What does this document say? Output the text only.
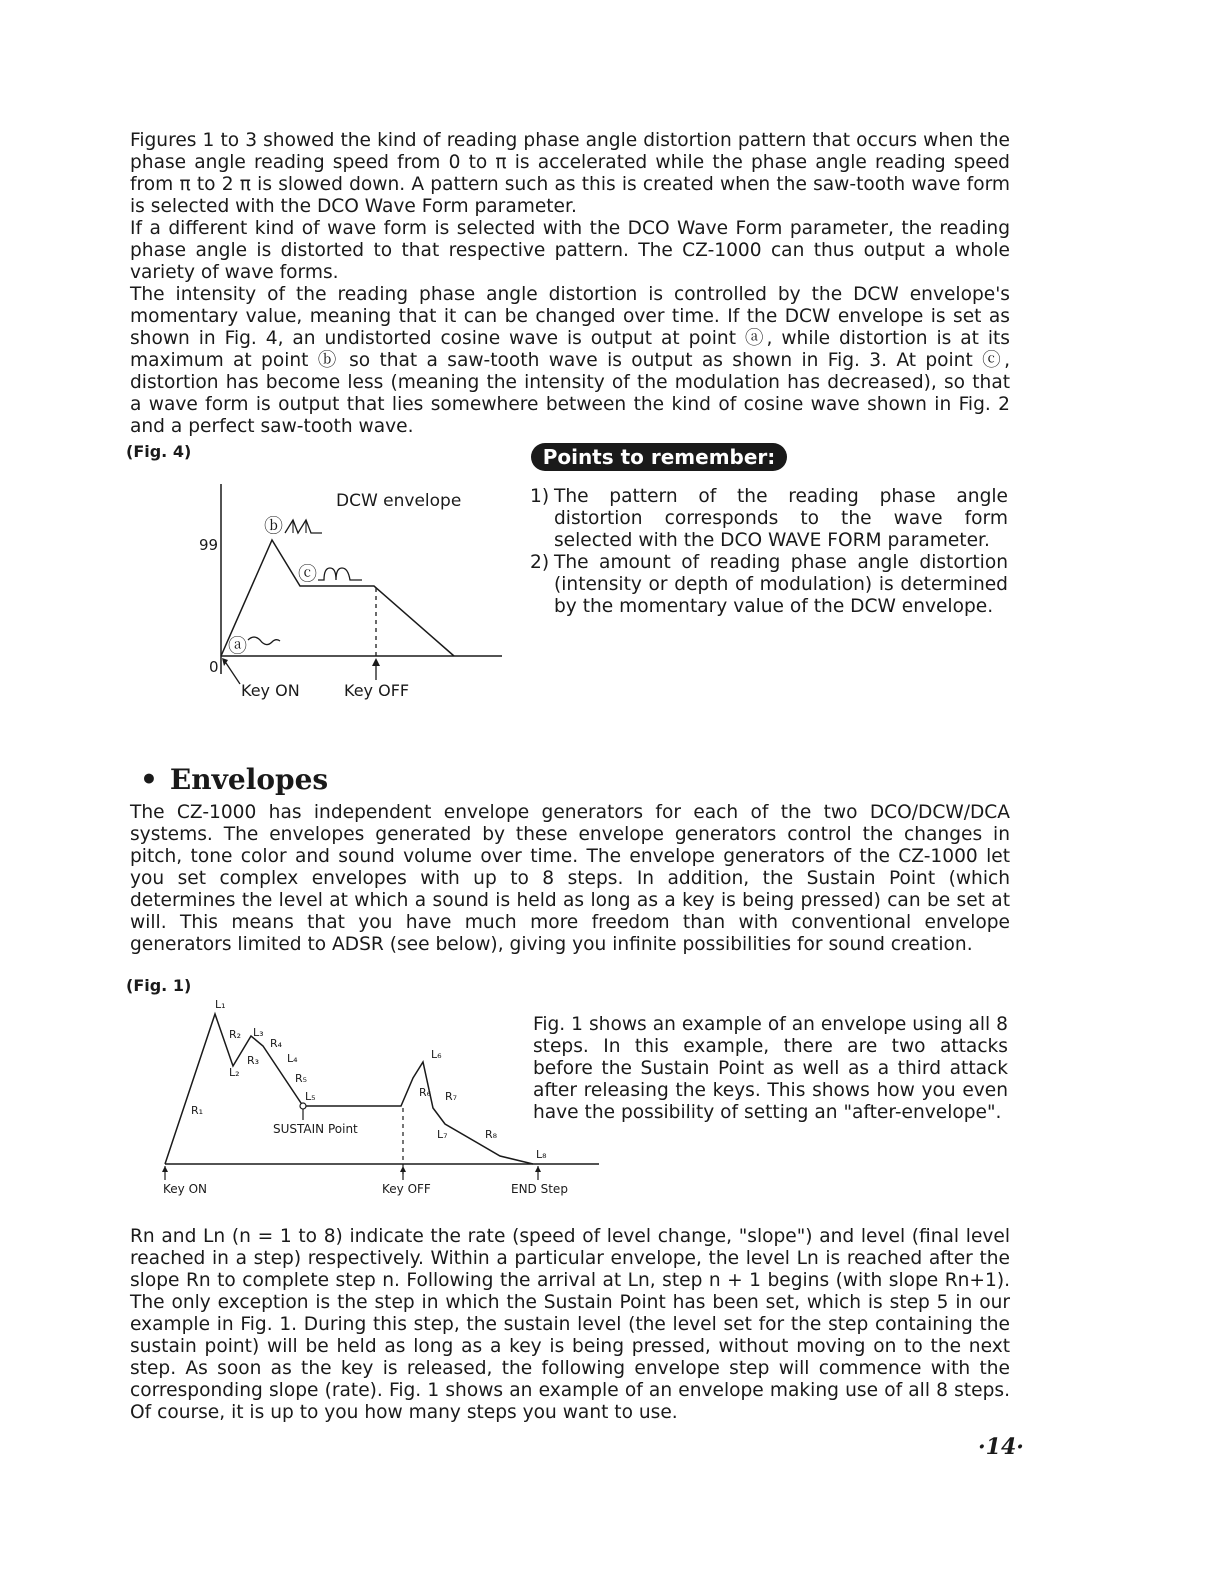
Figures 1 to 3 showed the kind of reading phase angle distortion pattern that occurs when the phase angle reading speed from 0 to π is accelerated while the phase angle reading speed from π to 2 π is slowed down. A pattern such as this is created when the saw-tooth wave form is selected with the DCO Wave Form parameter.

If a different kind of wave form is selected with the DCO Wave Form parameter, the reading phase angle is distorted to that respective pattern. The CZ-1000 can thus output a whole variety of wave forms.

The intensity of the reading phase angle distortion is controlled by the DCW envelope's momentary value, meaning that it can be changed over time. If the DCW envelope is set as shown in Fig. 4, an undistorted cosine wave is output at point ⓐ, while distortion is at its maximum at point ⓑ so that a saw-tooth wave is output as shown in Fig. 3. At point ⓒ, distortion has become less (meaning the intensity of the modulation has decreased), so that a wave form is output that lies somewhere between the kind of cosine wave shown in Fig. 2 and a perfect saw-tooth wave.

(Fig. 4)
DCW envelope
99
0
Key ON	Key OFF
ⓑ
ⓒ
ⓐ
Points to remember:
1) The pattern of the reading phase angle distortion corresponds to the wave form selected with the DCO WAVE FORM parameter.
2) The amount of reading phase angle distortion (intensity or depth of modulation) is determined by the momentary value of the DCW envelope.
• Envelopes

The CZ-1000 has independent envelope generators for each of the two DCO/DCW/DCA systems. The envelopes generated by these envelope generators control the changes in pitch, tone color and sound volume over time. The envelope generators of the CZ-1000 let you set complex envelopes with up to 8 steps. In addition, the Sustain Point (which determines the level at which a sound is held as long as a key is being pressed) can be set at will. This means that you have much more freedom than with conventional envelope generators limited to ADSR (see below), giving you infinite possibilities for sound creation.

(Fig. 1)
L₁
R₂ L₃
R₄
R₃	L₄
L₂	R₅
L₅
R₁
L₆
R₆ R₇
L₇	R₈
L₈
SUSTAIN Point
Key ON	Key OFF	END Step
Fig. 1 shows an example of an envelope using all 8 steps. In this example, there are two attacks before the Sustain Point as well as a third attack after releasing the keys. This shows how you even have the possibility of setting an "after-envelope".

Rn and Ln (n = 1 to 8) indicate the rate (speed of level change, "slope") and level (final level reached in a step) respectively. Within a particular envelope, the level Ln is reached after the slope Rn to complete step n. Following the arrival at Ln, step n + 1 begins (with slope Rn+1). The only exception is the step in which the Sustain Point has been set, which is step 5 in our example in Fig. 1. During this step, the sustain level (the level set for the step containing the sustain point) will be held as long as a key is being pressed, without moving on to the next step. As soon as the key is released, the following envelope step will commence with the corresponding slope (rate). Fig. 1 shows an example of an envelope making use of all 8 steps. Of course, it is up to you how many steps you want to use.

·14·
